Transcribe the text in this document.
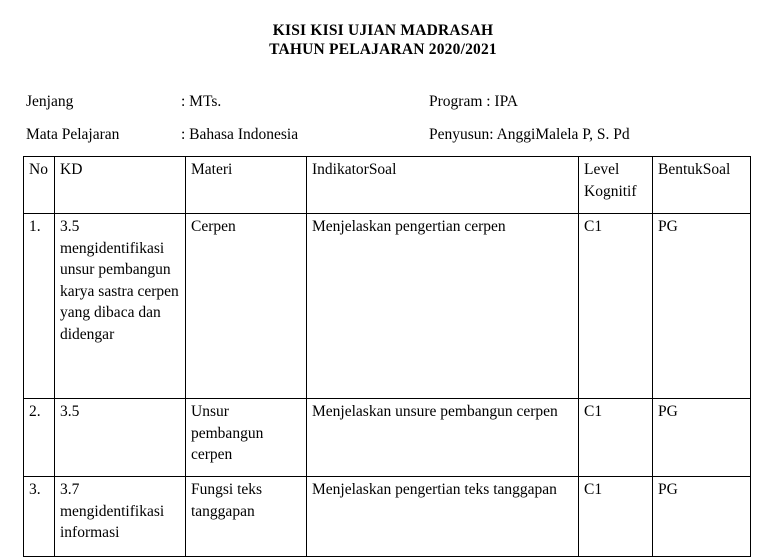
KISI KISI UJIAN MADRASAH
TAHUN PELAJARAN 2020/2021
Jenjang	: MTs.	Program : IPA
Mata Pelajaran	: Bahasa Indonesia	Penyusun: AnggiMalela P, S. Pd
No	KD	Materi	IndikatorSoal	Level Kognitif	BentukSoal
1.	3.5 mengidentifikasi unsur pembangun karya sastra cerpen yang dibaca dan didengar	Cerpen	Menjelaskan pengertian cerpen	C1	PG
2.	3.5	Unsur pembangun cerpen	Menjelaskan unsure pembangun cerpen	C1	PG
3.	3.7 mengidentifikasi informasi	Fungsi teks tanggapan	Menjelaskan pengertian teks tanggapan	C1	PG
